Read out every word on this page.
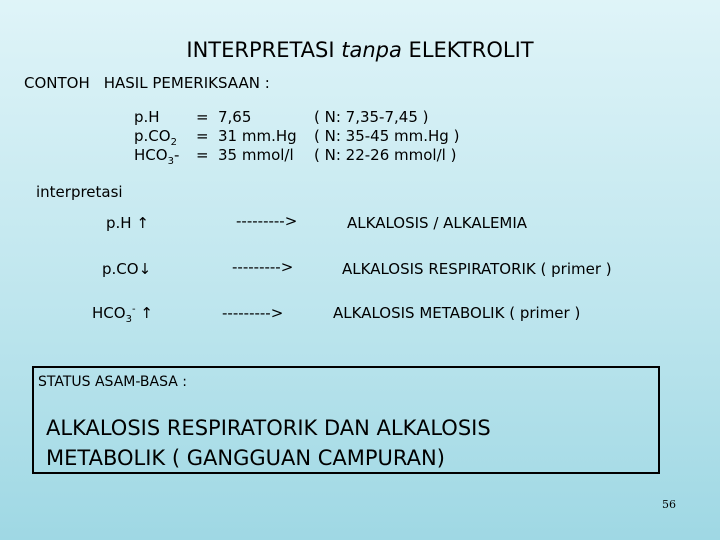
INTERPRETASI tanpa ELEKTROLIT
CONTOH HASIL PEMERIKSAAN :
p.H = 7,65	( N: 7,35-7,45 )
$p.CO_2 = 31$ mm.Hg ( N: 35-45 mm.Hg )
$HCO_3-= 35$ mmol/l ( N: 22-26 mmol/l )
interpretasi
p.H ↑	--------->	ALKALOSIS / ALKALEMIA
p.CO↓	--------->	ALKALOSIS RESPIRATORIK ( primer )
$HCO_3^-$ ↑	--------->	ALKALOSIS METABOLIK ( primer )
STATUS ASAM-BASA :
ALKALOSIS RESPIRATORIK DAN ALKALOSIS
METABOLIK ( GANGGUAN CAMPURAN)
56
